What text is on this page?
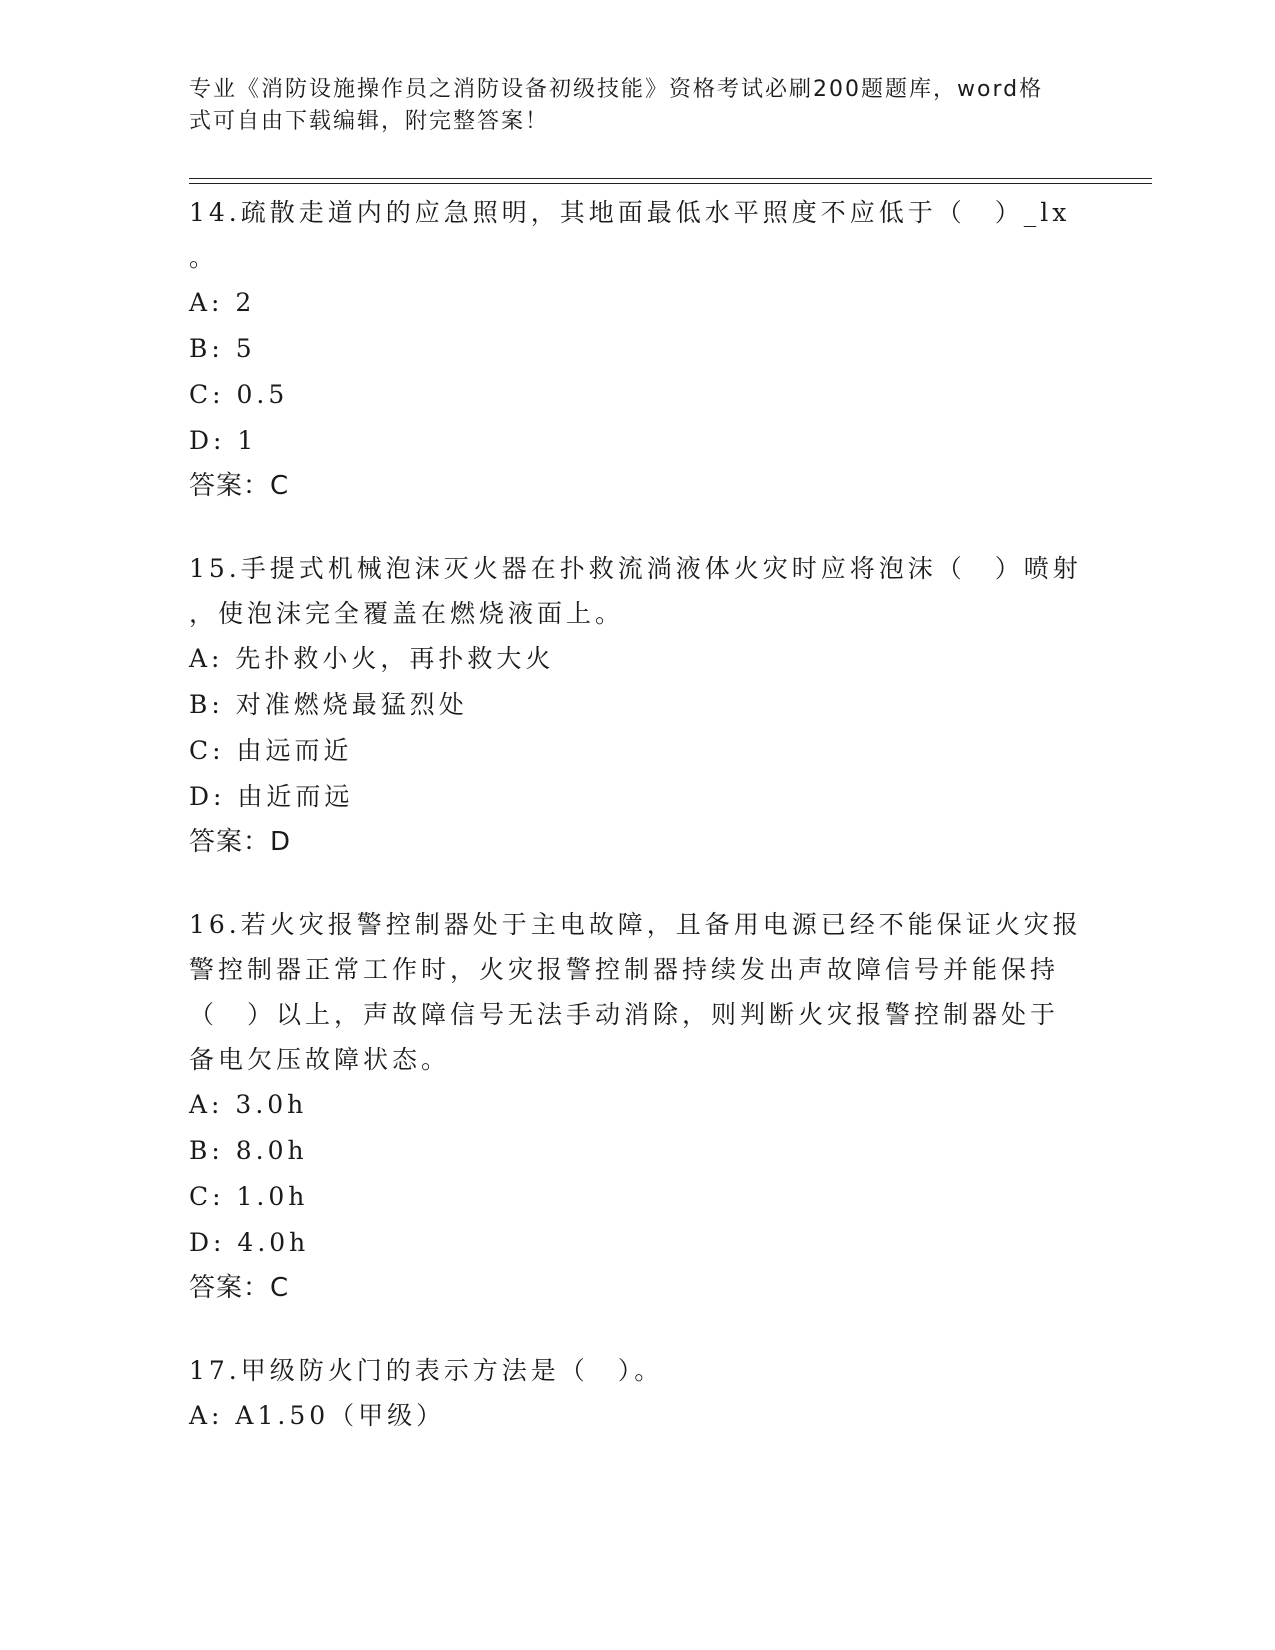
专业《消防设施操作员之消防设备初级技能》资格考试必刷200题题库，word格
式可自由下载编辑，附完整答案！

14.疏散走道内的应急照明，其地面最低水平照度不应低于（　）_lx

。

A: 2

B: 5

C: 0.5

D: 1

答案：C

15.手提式机械泡沫灭火器在扑救流淌液体火灾时应将泡沫（　）喷射

，使泡沫完全覆盖在燃烧液面上。

A: 先扑救小火，再扑救大火

B: 对准燃烧最猛烈处

C: 由远而近

D: 由近而远

答案：D

16.若火灾报警控制器处于主电故障，且备用电源已经不能保证火灾报

警控制器正常工作时，火灾报警控制器持续发出声故障信号并能保持

（　）以上，声故障信号无法手动消除，则判断火灾报警控制器处于

备电欠压故障状态。

A: 3.0h

B: 8.0h

C: 1.0h

D: 4.0h

答案：C

17.甲级防火门的表示方法是（　）。

A: A1.50（甲级）
